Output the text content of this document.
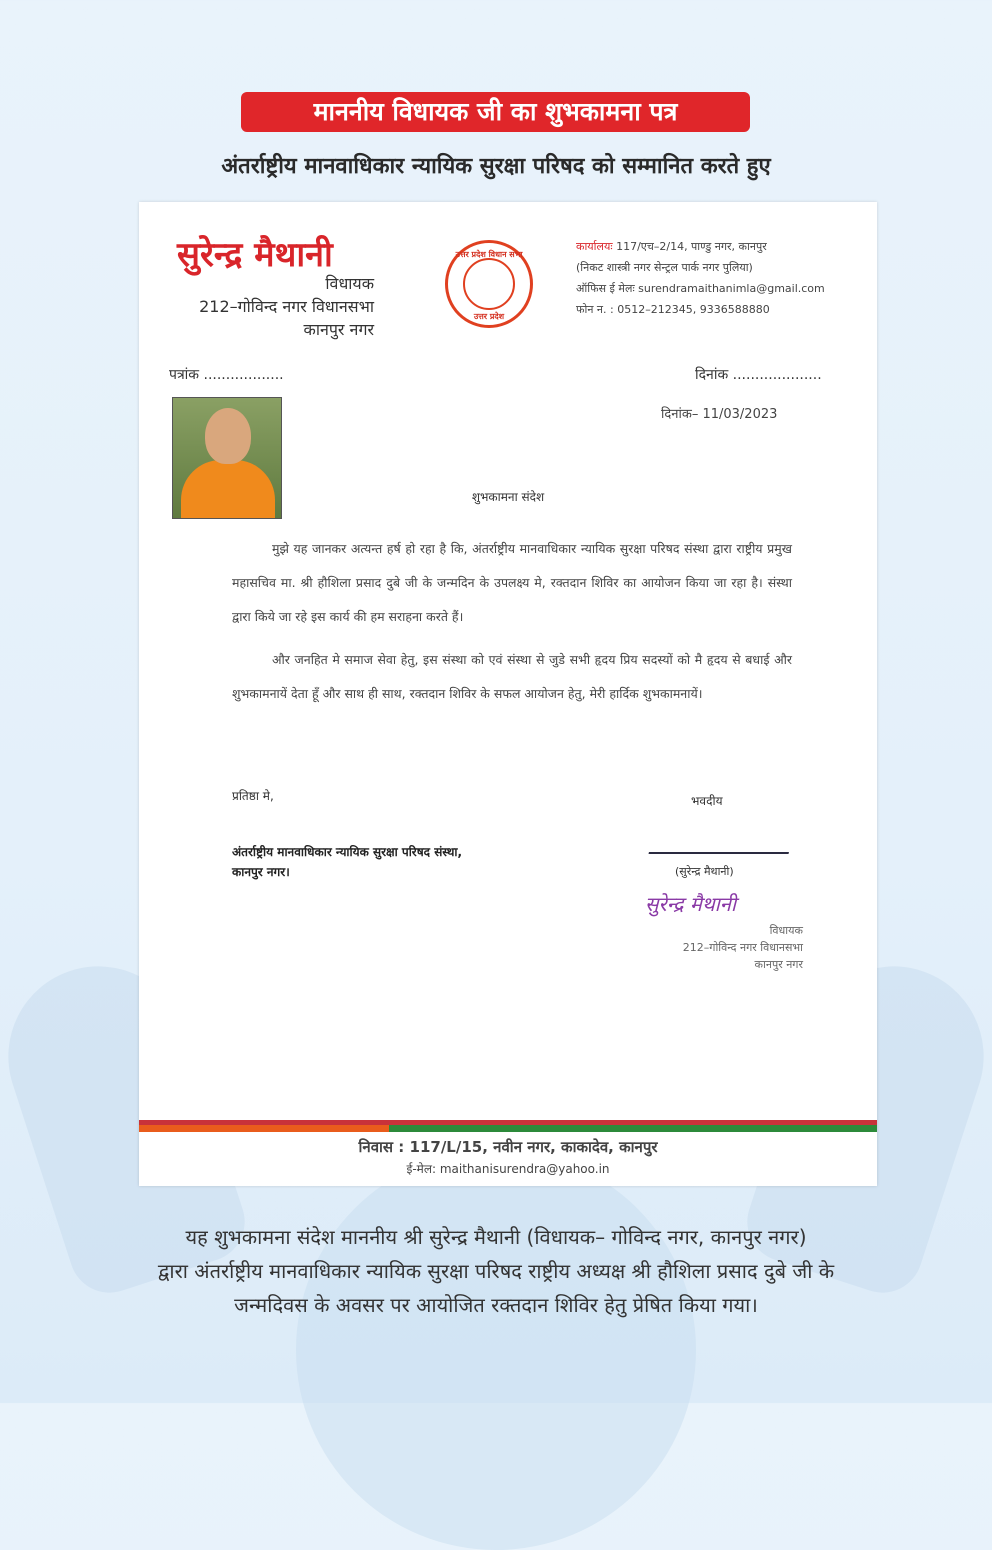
माननीय विधायक जी का शुभकामना पत्र
अंतर्राष्ट्रीय मानवाधिकार न्यायिक सुरक्षा परिषद को सम्मानित करते हुए
सुरेन्द्र मैथानी
विधायक
212–गोविन्द नगर विधानसभा
कानपुर नगर
उत्तर प्रदेश विधान सभा
उत्तर प्रदेश
कार्यालयः 117/एच–2/14, पाण्डु नगर, कानपुर
(निकट शास्त्री नगर सेन्ट्रल पार्क नगर पुलिया)
ऑफिस ई मेलः surendramaithanimla@gmail.com
फोन न. : 0512–212345, 9336588880
पत्रांक ..................	दिनांक ....................
दिनांक– 11/03/2023
शुभकामना संदेश
मुझे यह जानकर अत्यन्त हर्ष हो रहा है कि, अंतर्राष्ट्रीय मानवाधिकार न्यायिक सुरक्षा परिषद संस्था द्वारा राष्ट्रीय प्रमुख महासचिव मा. श्री हौशिला प्रसाद दुबे जी के जन्मदिन के उपलक्ष्य मे, रक्तदान शिविर का आयोजन किया जा रहा है। संस्था द्वारा किये जा रहे इस कार्य की हम सराहना करते हैं।
और जनहित मे समाज सेवा हेतु, इस संस्था को एवं संस्था से जुडे सभी हृदय प्रिय सदस्यों को मै हृदय से बधाई और शुभकामनायें देता हूँ और साथ ही साथ, रक्तदान शिविर के सफल आयोजन हेतु, मेरी हार्दिक शुभकामनायें।
प्रतिष्ठा मे,
अंतर्राष्ट्रीय मानवाधिकार न्यायिक सुरक्षा परिषद संस्था,
कानपुर नगर।
भवदीय
(सुरेन्द्र मैथानी)
सुरेन्द्र मैथानी
विधायक
212–गोविन्द नगर विधानसभा
कानपुर नगर
निवास : 117/L/15, नवीन नगर, काकादेव, कानपुर
ई-मेल: maithanisurendra@yahoo.in
यह शुभकामना संदेश माननीय श्री सुरेन्द्र मैथानी (विधायक– गोविन्द नगर, कानपुर नगर)
द्वारा अंतर्राष्ट्रीय मानवाधिकार न्यायिक सुरक्षा परिषद राष्ट्रीय अध्यक्ष श्री हौशिला प्रसाद दुबे जी के
जन्मदिवस के अवसर पर आयोजित रक्तदान शिविर हेतु प्रेषित किया गया।
